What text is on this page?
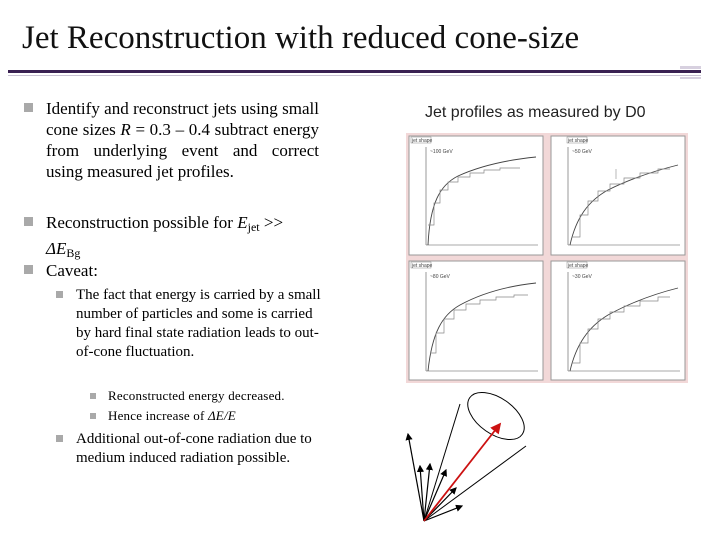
Jet Reconstruction with reduced cone-size
Identify and reconstruct jets using small cone sizes R = 0.3 – 0.4 subtract energy from underlying event and correct using measured jet profiles.
Reconstruction possible for $E_{jet}$ >>
$\Delta E_{Bg}$
Caveat:
The fact that energy is carried by a small number of particles and some is carried by hard final state radiation leads to out-of-cone fluctuation.
Reconstructed energy decreased.
Hence increase of ΔE/E
Additional out-of-cone radiation due to medium induced radiation possible.
Jet profiles as measured by D0
jet shape
~100 GeV
jet shape
~50 GeV
jet shape
~80 GeV
jet shape
~30 GeV
